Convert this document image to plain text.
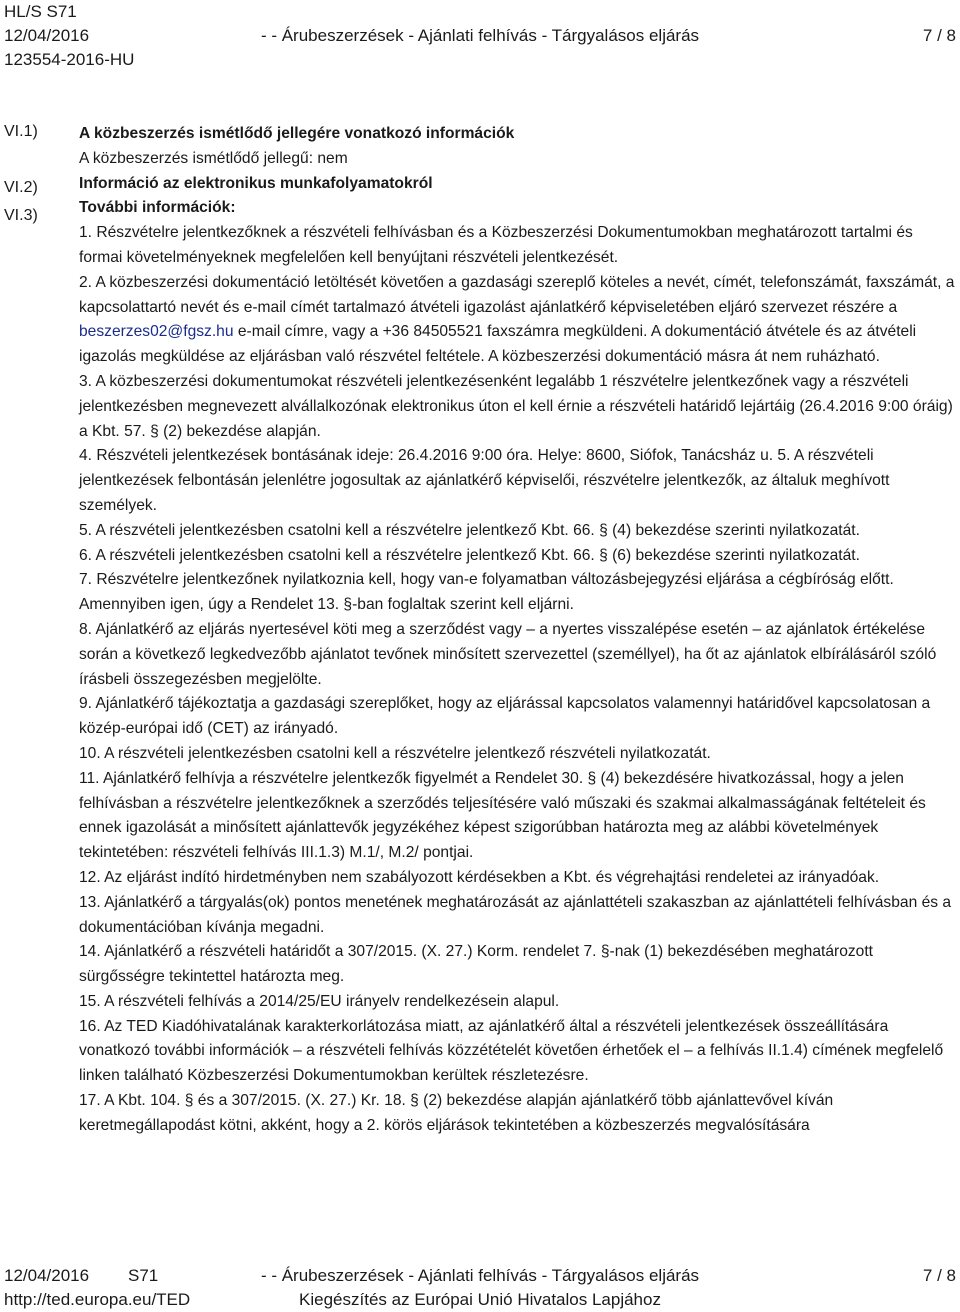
HL/S S71
12/04/2016	- - Árubeszerzések - Ajánlati felhívás - Tárgyalásos eljárás	7 / 8
123554-2016-HU
VI.1)
VI.2)
VI.3)

A közbeszerzés ismétlődő jellegére vonatkozó információk

A közbeszerzés ismétlődő jellegű: nem

Információ az elektronikus munkafolyamatokról

További információk:

1. Részvételre jelentkezőknek a részvételi felhívásban és a Közbeszerzési Dokumentumokban meghatározott tartalmi és formai követelményeknek megfelelően kell benyújtani részvételi jelentkezését.

2. A közbeszerzési dokumentáció letöltését követően a gazdasági szereplő köteles a nevét, címét, telefonszámát, faxszámát, a kapcsolattartó nevét és e-mail címét tartalmazó átvételi igazolást ajánlatkérő képviseletében eljáró szervezet részére a beszerzes02@fgsz.hu e-mail címre, vagy a +36 84505521 faxszámra megküldeni. A dokumentáció átvétele és az átvételi igazolás megküldése az eljárásban való részvétel feltétele. A közbeszerzési dokumentáció másra át nem ruházható.

3. A közbeszerzési dokumentumokat részvételi jelentkezésenként legalább 1 részvételre jelentkezőnek vagy a részvételi jelentkezésben megnevezett alvállalkozónak elektronikus úton el kell érnie a részvételi határidő lejártáig (26.4.2016 9:00 óráig) a Kbt. 57. § (2) bekezdése alapján.

4. Részvételi jelentkezések bontásának ideje: 26.4.2016 9:00 óra. Helye: 8600, Siófok, Tanácsház u. 5. A részvételi jelentkezések felbontásán jelenlétre jogosultak az ajánlatkérő képviselői, részvételre jelentkezők, az általuk meghívott személyek.

5. A részvételi jelentkezésben csatolni kell a részvételre jelentkező Kbt. 66. § (4) bekezdése szerinti nyilatkozatát.

6. A részvételi jelentkezésben csatolni kell a részvételre jelentkező Kbt. 66. § (6) bekezdése szerinti nyilatkozatát.

7. Részvételre jelentkezőnek nyilatkoznia kell, hogy van-e folyamatban változásbejegyzési eljárása a cégbíróság előtt. Amennyiben igen, úgy a Rendelet 13. §-ban foglaltak szerint kell eljárni.

8. Ajánlatkérő az eljárás nyertesével köti meg a szerződést vagy – a nyertes visszalépése esetén – az ajánlatok értékelése során a következő legkedvezőbb ajánlatot tevőnek minősített szervezettel (személlyel), ha őt az ajánlatok elbírálásáról szóló írásbeli összegezésben megjelölte.

9. Ajánlatkérő tájékoztatja a gazdasági szereplőket, hogy az eljárással kapcsolatos valamennyi határidővel kapcsolatosan a közép-európai idő (CET) az irányadó.

10. A részvételi jelentkezésben csatolni kell a részvételre jelentkező részvételi nyilatkozatát.

11. Ajánlatkérő felhívja a részvételre jelentkezők figyelmét a Rendelet 30. § (4) bekezdésére hivatkozással, hogy a jelen felhívásban a részvételre jelentkezőknek a szerződés teljesítésére való műszaki és szakmai alkalmasságának feltételeit és ennek igazolását a minősített ajánlattevők jegyzékéhez képest szigorúbban határozta meg az alábbi követelmények tekintetében: részvételi felhívás III.1.3) M.1/, M.2/ pontjai.

12. Az eljárást indító hirdetményben nem szabályozott kérdésekben a Kbt. és végrehajtási rendeletei az irányadóak.

13. Ajánlatkérő a tárgyalás(ok) pontos menetének meghatározását az ajánlattételi szakaszban az ajánlattételi felhívásban és a dokumentációban kívánja megadni.

14. Ajánlatkérő a részvételi határidőt a 307/2015. (X. 27.) Korm. rendelet 7. §-nak (1) bekezdésében meghatározott sürgősségre tekintettel határozta meg.

15. A részvételi felhívás a 2014/25/EU irányelv rendelkezésein alapul.

16. Az TED Kiadóhivatalának karakterkorlátozása miatt, az ajánlatkérő által a részvételi jelentkezések összeállítására vonatkozó további információk – a részvételi felhívás közzétételét követően érhetőek el – a felhívás II.1.4) címének megfelelő linken található Közbeszerzési Dokumentumokban kerültek részletezésre.

17. A Kbt. 104. § és a 307/2015. (X. 27.) Kr. 18. § (2) bekezdése alapján ajánlatkérő több ajánlattevővel kíván keretmegállapodást kötni, akként, hogy a 2. körös eljárások tekintetében a közbeszerzés megvalósítására

12/04/2016 S71	- - Árubeszerzések - Ajánlati felhívás - Tárgyalásos eljárás	7 / 8
http://ted.europa.eu/TED	Kiegészítés az Európai Unió Hivatalos Lapjához
